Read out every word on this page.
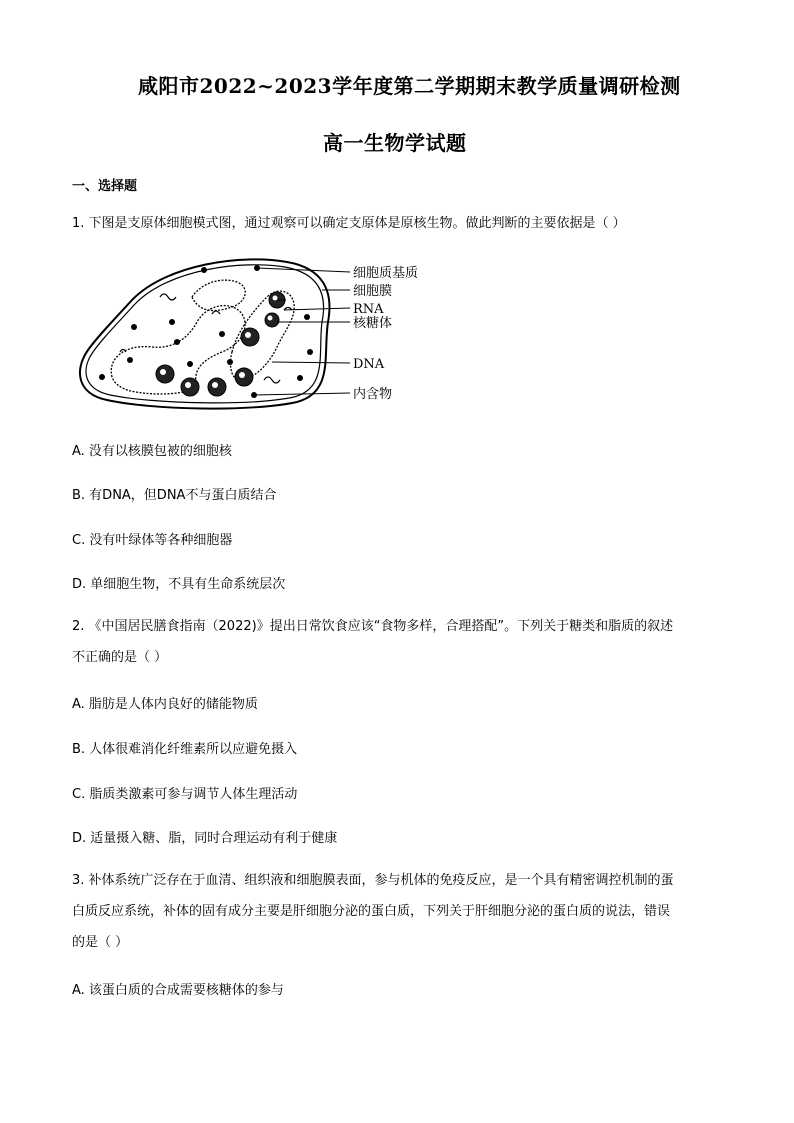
咸阳市2022~2023学年度第二学期期末教学质量调研检测
高一生物学试题
一、选择题
1. 下图是支原体细胞模式图，通过观察可以确定支原体是原核生物。做此判断的主要依据是（ ）
细胞质基质
细胞膜
RNA
核糖体
DNA
内含物
A. 没有以核膜包被的细胞核
B. 有DNA，但DNA不与蛋白质结合
C. 没有叶绿体等各种细胞器
D. 单细胞生物，不具有生命系统层次
2. 《中国居民膳食指南（2022)》提出日常饮食应该“食物多样，合理搭配”。下列关于糖类和脂质的叙述
不正确的是（ ）
A. 脂肪是人体内良好的储能物质
B. 人体很难消化纤维素所以应避免摄入
C. 脂质类激素可参与调节人体生理活动
D. 适量摄入糖、脂，同时合理运动有利于健康
3. 补体系统广泛存在于血清、组织液和细胞膜表面，参与机体的免疫反应，是一个具有精密调控机制的蛋
白质反应系统，补体的固有成分主要是肝细胞分泌的蛋白质，下列关于肝细胞分泌的蛋白质的说法，错误
的是（ ）
A. 该蛋白质的合成需要核糖体的参与
